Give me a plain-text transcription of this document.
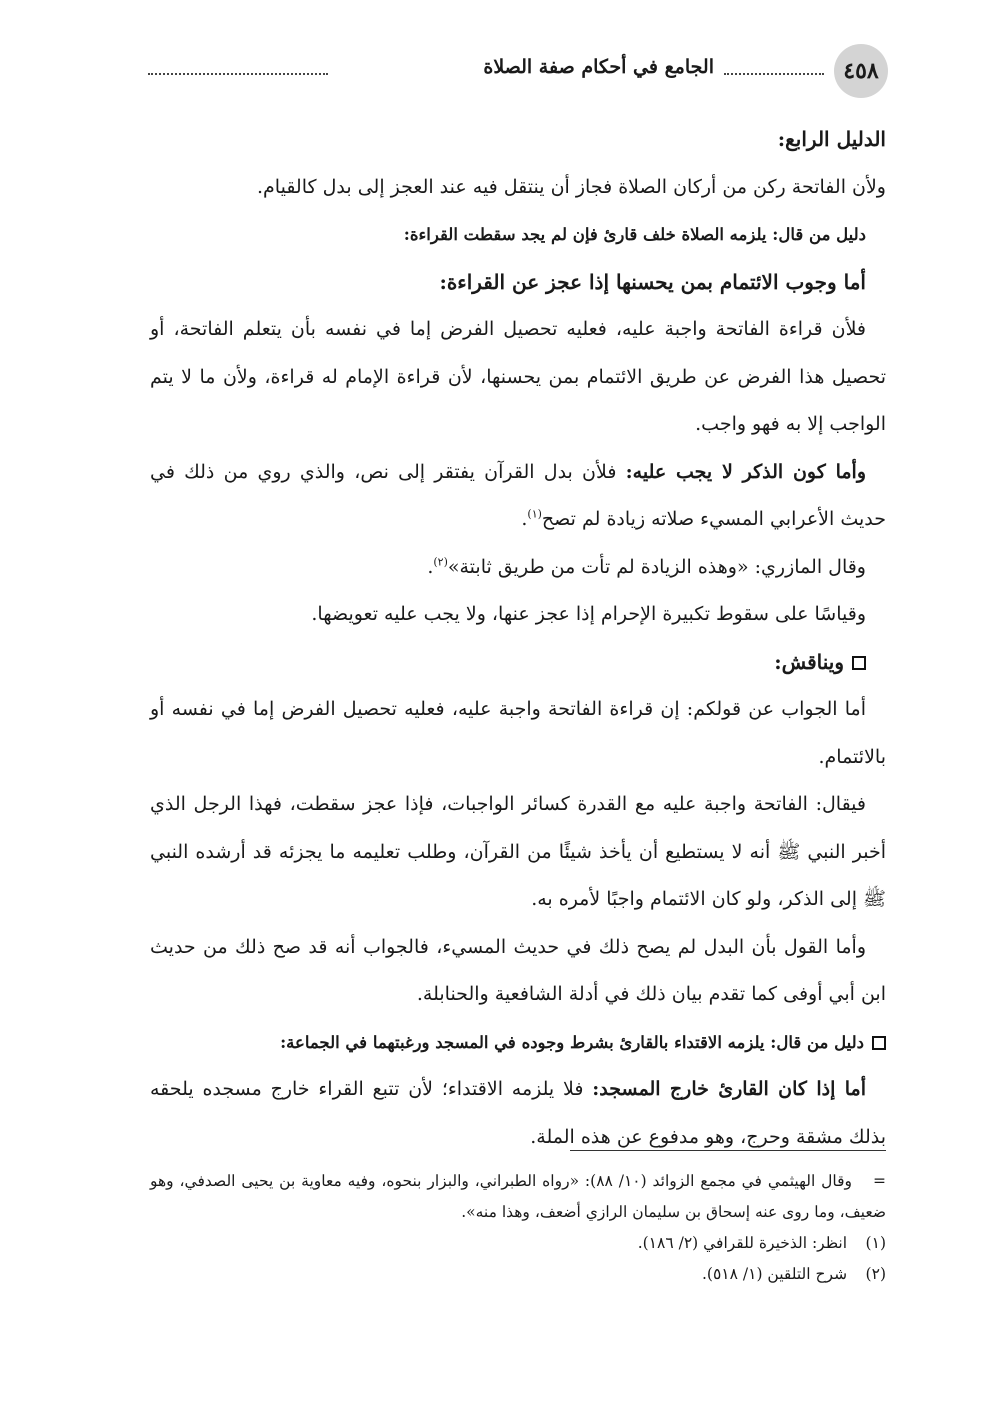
٤٥٨
الجامع في أحكام صفة الصلاة

الدليل الرابع:

ولأن الفاتحة ركن من أركان الصلاة فجاز أن ينتقل فيه عند العجز إلى بدل كالقيام.

دليل من قال: يلزمه الصلاة خلف قارئ فإن لم يجد سقطت القراءة:

أما وجوب الائتمام بمن يحسنها إذا عجز عن القراءة:

فلأن قراءة الفاتحة واجبة عليه، فعليه تحصيل الفرض إما في نفسه بأن يتعلم الفاتحة، أو تحصيل هذا الفرض عن طريق الائتمام بمن يحسنها، لأن قراءة الإمام له قراءة، ولأن ما لا يتم الواجب إلا به فهو واجب.

وأما كون الذكر لا يجب عليه: فلأن بدل القرآن يفتقر إلى نص، والذي روي من ذلك في حديث الأعرابي المسيء صلاته زيادة لم تصح$^{(١)}$.

وقال المازري: «وهذه الزيادة لم تأت من طريق ثابتة»$^{(٢)}$.

وقياسًا على سقوط تكبيرة الإحرام إذا عجز عنها، ولا يجب عليه تعويضها.

ويناقش:

أما الجواب عن قولكم: إن قراءة الفاتحة واجبة عليه، فعليه تحصيل الفرض إما في نفسه أو بالائتمام.

فيقال: الفاتحة واجبة عليه مع القدرة كسائر الواجبات، فإذا عجز سقطت، فهذا الرجل الذي أخبر النبي ﷺ أنه لا يستطيع أن يأخذ شيئًا من القرآن، وطلب تعليمه ما يجزئه قد أرشده النبي ﷺ إلى الذكر، ولو كان الائتمام واجبًا لأمره به.

وأما القول بأن البدل لم يصح ذلك في حديث المسيء، فالجواب أنه قد صح ذلك من حديث ابن أبي أوفى كما تقدم بيان ذلك في أدلة الشافعية والحنابلة.

دليل من قال: يلزمه الاقتداء بالقارئ بشرط وجوده في المسجد ورغبتهما في الجماعة:

أما إذا كان القارئ خارج المسجد: فلا يلزمه الاقتداء؛ لأن تتبع القراء خارج مسجده يلحقه بذلك مشقة وحرج، وهو مدفوع عن هذه الملة.

=وقال الهيثمي في مجمع الزوائد (١٠/ ٨٨): «رواه الطبراني، والبزار بنحوه، وفيه معاوية بن يحيى الصدفي، وهو ضعيف، وما روى عنه إسحاق بن سليمان الرازي أضعف، وهذا منه».

(١) انظر: الذخيرة للقرافي (٢/ ١٨٦).

(٢) شرح التلقين (١/ ٥١٨).
